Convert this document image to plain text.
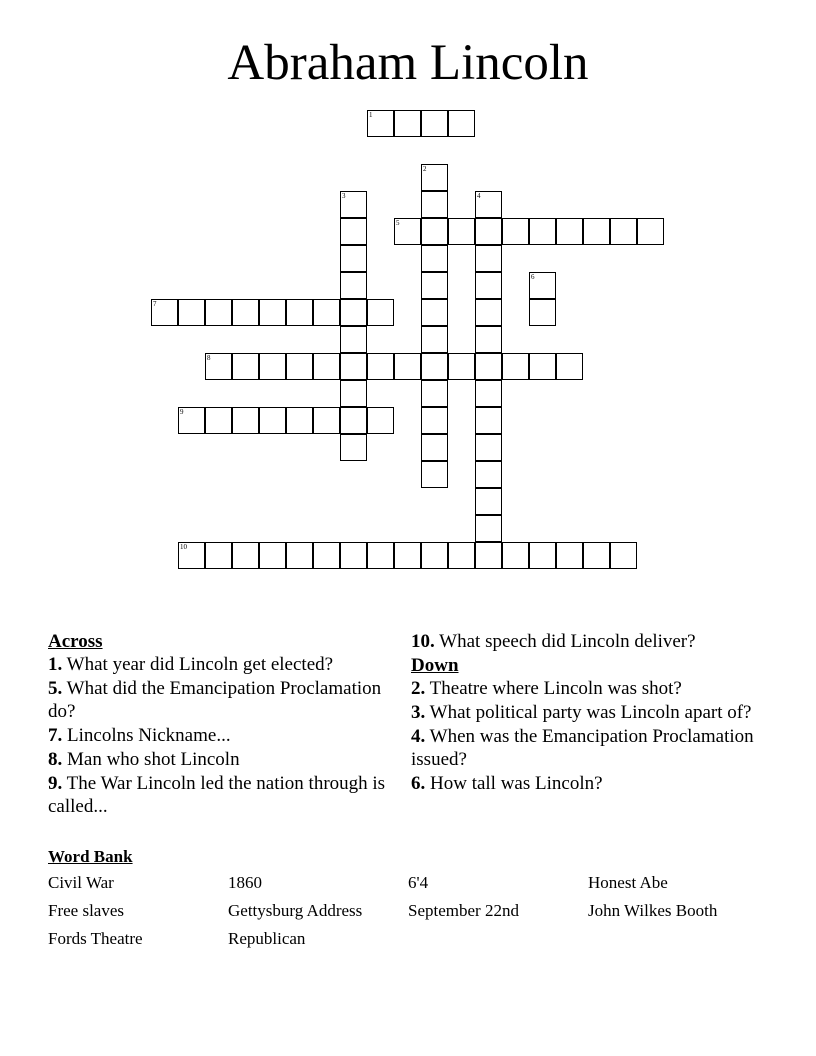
Abraham Lincoln
1
2
3	4
5
6
7
8
9
10
Across
1. What year did Lincoln get elected?
5. What did the Emancipation Proclamation do?
7. Lincolns Nickname...
8. Man who shot Lincoln
9. The War Lincoln led the nation through is called...
10. What speech did Lincoln deliver?
Down
2. Theatre where Lincoln was shot?
3. What political party was Lincoln apart of?
4. When was the Emancipation Proclamation issued?
6. How tall was Lincoln?
Word Bank
Civil War	1860	6'4	Honest Abe
Free slaves	Gettysburg Address	September 22nd	John Wilkes Booth
Fords Theatre	Republican
